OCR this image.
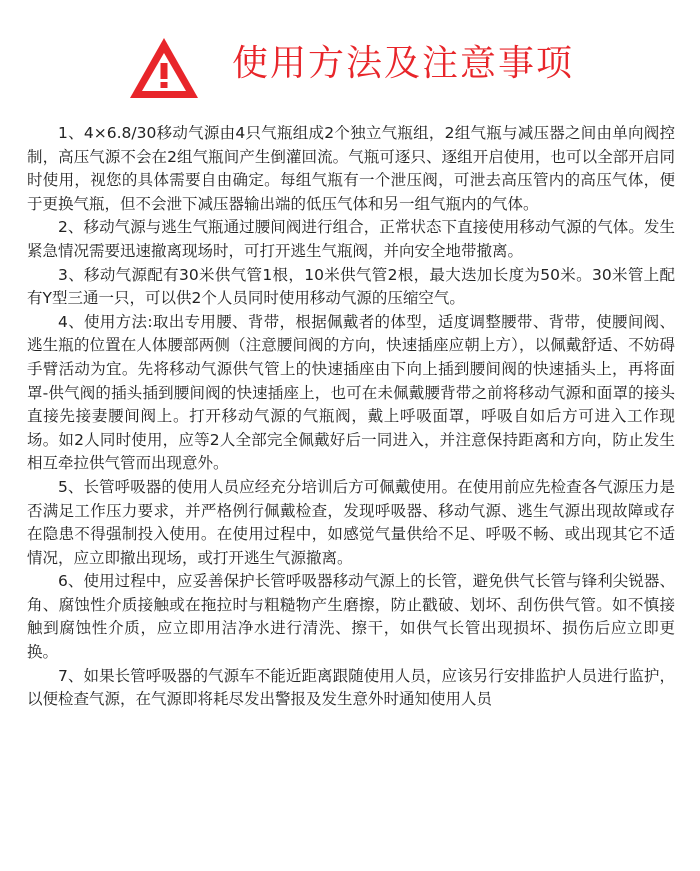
使用方法及注意事项

1、4×6.8/30移动气源由4只气瓶组成2个独立气瓶组，2组气瓶与减压器之间由单向阀控制，高压气源不会在2组气瓶间产生倒灌回流。气瓶可逐只、逐组开启使用，也可以全部开启同时使用，视您的具体需要自由确定。每组气瓶有一个泄压阀，可泄去高压管内的高压气体，便于更换气瓶，但不会泄下减压器输出端的低压气体和另一组气瓶内的气体。

2、移动气源与逃生气瓶通过腰间阀进行组合，正常状态下直接使用移动气源的气体。发生紧急情况需要迅速撤离现场时，可打开逃生气瓶阀，并向安全地带撤离。

3、移动气源配有30米供气管1根，10米供气管2根，最大迭加长度为50米。30米管上配有Y型三通一只，可以供2个人员同时使用移动气源的压缩空气。

4、使用方法:取出专用腰、背带，根据佩戴者的体型，适度调整腰带、背带，使腰间阀、逃生瓶的位置在人体腰部两侧（注意腰间阀的方向，快速插座应朝上方），以佩戴舒适、不妨碍手臂活动为宜。先将移动气源供气管上的快速插座由下向上插到腰间阀的快速插头上，再将面罩-供气阀的插头插到腰间阀的快速插座上，也可在未佩戴腰背带之前将移动气源和面罩的接头直接先接妻腰间阀上。打开移动气源的气瓶阀，戴上呼吸面罩，呼吸自如后方可进入工作现场。如2人同时使用，应等2人全部完全佩戴好后一同进入，并注意保持距离和方向，防止发生相互牵拉供气管而出现意外。

5、长管呼吸器的使用人员应经充分培训后方可佩戴使用。在使用前应先检查各气源压力是否满足工作压力要求，并严格例行佩戴检查，发现呼吸器、移动气源、逃生气源出现故障或存在隐患不得强制投入使用。在使用过程中，如感觉气量供给不足、呼吸不畅、或出现其它不适情况，应立即撤出现场，或打开逃生气源撤离。

6、使用过程中，应妥善保护长管呼吸器移动气源上的长管，避免供气长管与锋利尖锐器、角、腐蚀性介质接触或在拖拉时与粗糙物产生磨擦，防止戳破、划坏、刮伤供气管。如不慎接触到腐蚀性介质，应立即用洁净水进行清洗、擦干，如供气长管出现损坏、损伤后应立即更换。

7、如果长管呼吸器的气源车不能近距离跟随使用人员，应该另行安排监护人员进行监护，以便检查气源，在气源即将耗尽发出警报及发生意外时通知使用人员
